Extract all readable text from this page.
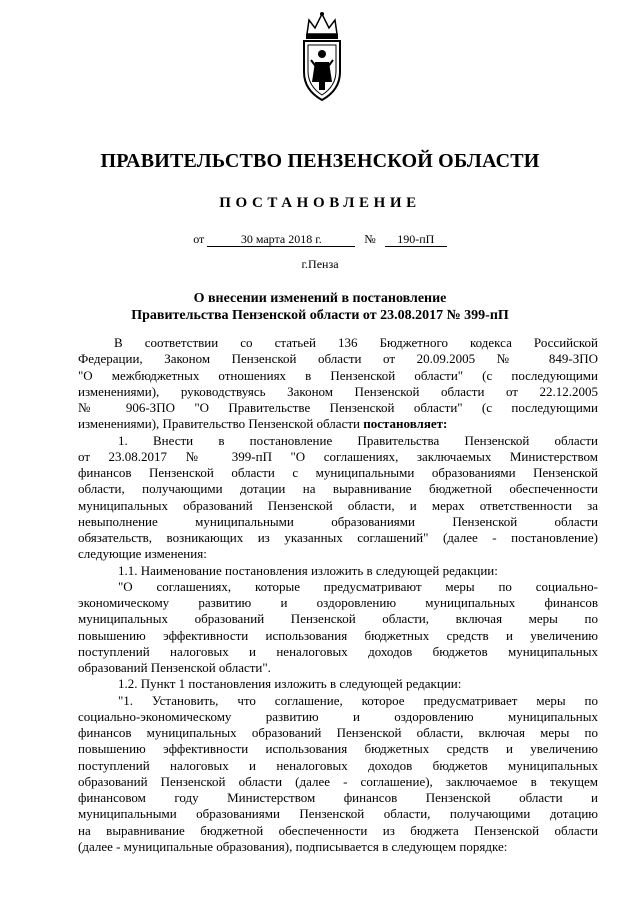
ПРАВИТЕЛЬСТВО ПЕНЗЕНСКОЙ ОБЛАСТИ
ПОСТАНОВЛЕНИЕ
от	30 марта 2018 г.	№ 190-пП
г.Пенза
О внесении изменений в постановление
Правительства Пензенской области от 23.08.2017 № 399-пП
В соответствии со статьей 136 Бюджетного кодекса Российской
Федерации, Законом Пензенской области от 20.09.2005 № 849-ЗПО
"О межбюджетных отношениях в Пензенской области" (с последующими
изменениями), руководствуясь Законом Пензенской области от 22.12.2005
№ 906-ЗПО "О Правительстве Пензенской области" (с последующими
изменениями), Правительство Пензенской области постановляет:
1. Внести в постановление Правительства Пензенской области
от 23.08.2017 № 399-пП "О соглашениях, заключаемых Министерством
финансов Пензенской области с муниципальными образованиями Пензенской
области, получающими дотации на выравнивание бюджетной обеспеченности
муниципальных образований Пензенской области, и мерах ответственности за
невыполнение муниципальными образованиями Пензенской области
обязательств, возникающих из указанных соглашений" (далее - постановление)
следующие изменения:
1.1. Наименование постановления изложить в следующей редакции:
"О соглашениях, которые предусматривают меры по социально-
экономическому развитию и оздоровлению муниципальных финансов
муниципальных образований Пензенской области, включая меры по
повышению эффективности использования бюджетных средств и увеличению
поступлений налоговых и неналоговых доходов бюджетов муниципальных
образований Пензенской области".
1.2. Пункт 1 постановления изложить в следующей редакции:
"1. Установить, что соглашение, которое предусматривает меры по
социально-экономическому развитию и оздоровлению муниципальных
финансов муниципальных образований Пензенской области, включая меры по
повышению эффективности использования бюджетных средств и увеличению
поступлений налоговых и неналоговых доходов бюджетов муниципальных
образований Пензенской области (далее - соглашение), заключаемое в текущем
финансовом году Министерством финансов Пензенской области и
муниципальными образованиями Пензенской области, получающими дотацию
на выравнивание бюджетной обеспеченности из бюджета Пензенской области
(далее - муниципальные образования), подписывается в следующем порядке:
